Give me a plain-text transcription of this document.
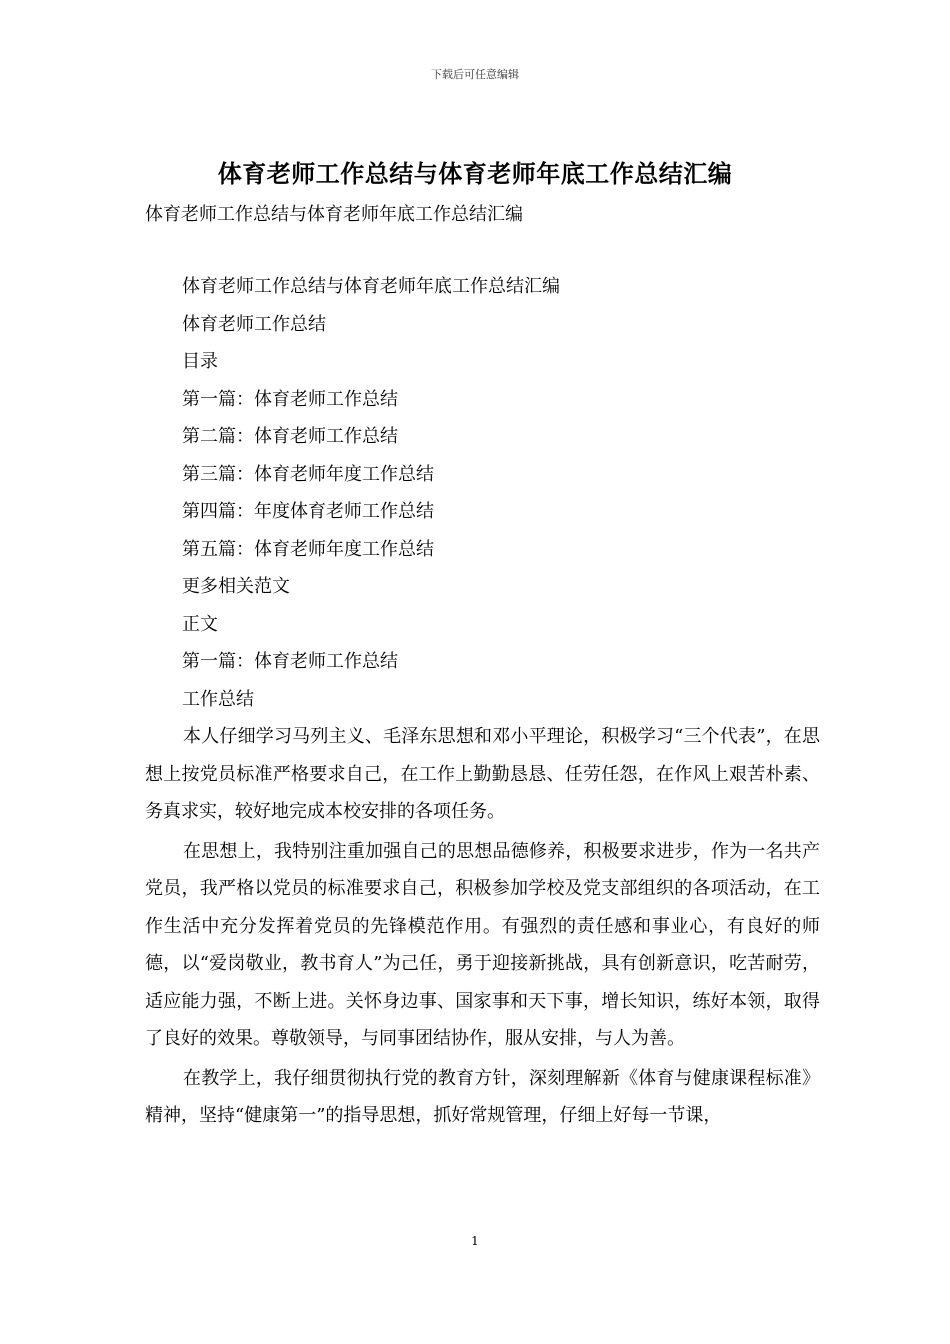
下载后可任意编辑
体育老师工作总结与体育老师年底工作总结汇编
体育老师工作总结与体育老师年底工作总结汇编
体育老师工作总结与体育老师年底工作总结汇编
体育老师工作总结
目录
第一篇：体育老师工作总结
第二篇：体育老师工作总结
第三篇：体育老师年度工作总结
第四篇：年度体育老师工作总结
第五篇：体育老师年度工作总结
更多相关范文
正文
第一篇：体育老师工作总结
工作总结

本人仔细学习马列主义、毛泽东思想和邓小平理论，积极学习“三个代表”，在思想上按党员标准严格要求自己，在工作上勤勤恳恳、任劳任怨，在作风上艰苦朴素、务真求实，较好地完成本校安排的各项任务。

在思想上，我特别注重加强自己的思想品德修养，积极要求进步，作为一名共产党员，我严格以党员的标准要求自己，积极参加学校及党支部组织的各项活动，在工作生活中充分发挥着党员的先锋模范作用。有强烈的责任感和事业心，有良好的师德，以“爱岗敬业，教书育人”为己任，勇于迎接新挑战，具有创新意识，吃苦耐劳，适应能力强，不断上进。关怀身边事、国家事和天下事，增长知识，练好本领，取得了良好的效果。尊敬领导，与同事团结协作，服从安排，与人为善。

在教学上，我仔细贯彻执行党的教育方针，深刻理解新《体育与健康课程标准》精神，坚持“健康第一”的指导思想，抓好常规管理，仔细上好每一节课，

1
